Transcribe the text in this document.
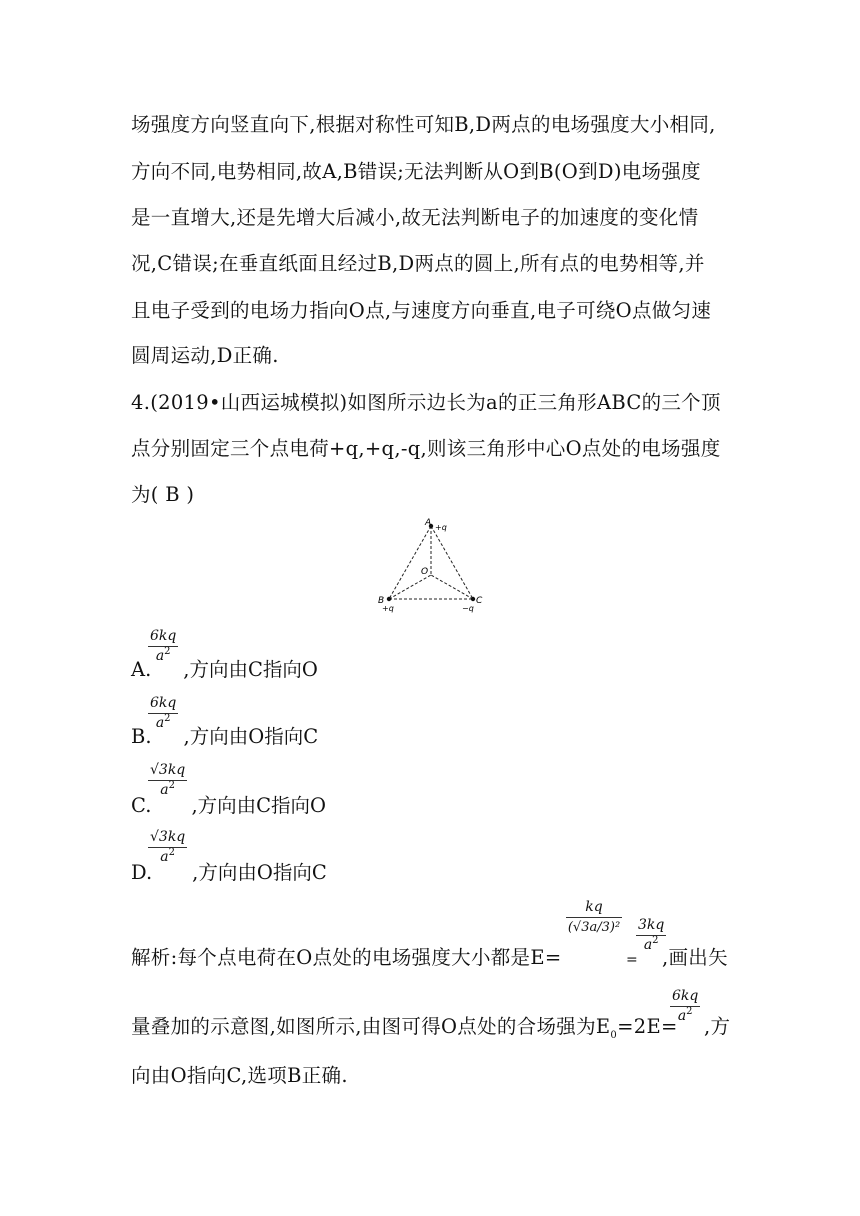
场强度方向竖直向下,根据对称性可知B,D两点的电场强度大小相同,
方向不同,电势相同,故A,B错误;无法判断从O到B(O到D)电场强度
是一直增大,还是先增大后减小,故无法判断电子的加速度的变化情
况,C错误;在垂直纸面且经过B,D两点的圆上,所有点的电势相等,并
且电子受到的电场力指向O点,与速度方向垂直,电子可绕O点做匀速
圆周运动,D正确.
4.(2019•山西运城模拟)如图所示边长为a的正三角形ABC的三个顶
点分别固定三个点电荷+q,+q,-q,则该三角形中心O点处的电场强度
为( B )
A +q
O
B
+q
C
−q
6kq
$a^2$
A. ,方向由C指向O
6kq
$a^2$
B. ,方向由O指向C
√3kq
$a^2$
C. ,方向由C指向O
√3kq
$a^2$
D. ,方向由O指向C
解析:每个点电荷在O点处的电场强度大小都是E=
kq
(√3a/3)²
=
3kq
$a^2$
,画出矢
量叠加的示意图,如图所示,由图可得O点处的合场强为$E_0=2E=$
6kq
$a^2$
,方
向由O指向C,选项B正确.
